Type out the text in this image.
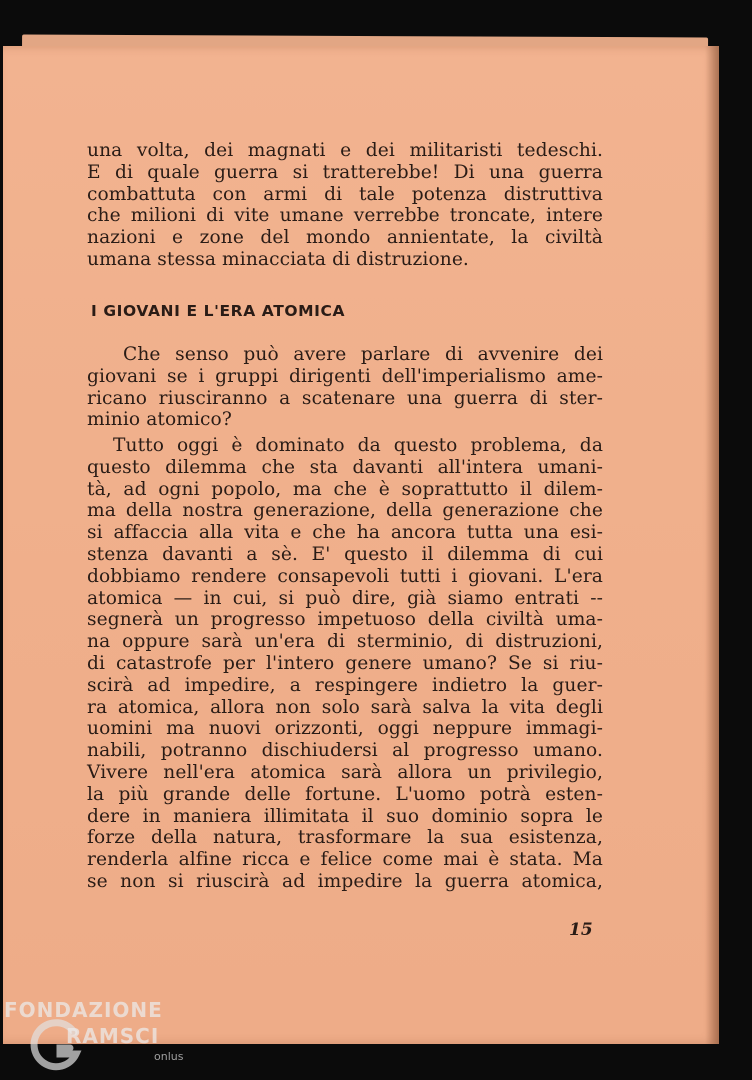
una volta, dei magnati e dei militaristi tedeschi.
E di quale guerra si tratterebbe! Di una guerra
combattuta con armi di tale potenza distruttiva
che milioni di vite umane verrebbe troncate, intere
nazioni e zone del mondo annientate, la civiltà
umana stessa minacciata di distruzione.
I GIOVANI E L'ERA ATOMICA
Che senso può avere parlare di avvenire dei
giovani se i gruppi dirigenti dell'imperialismo ame-
ricano riusciranno a scatenare una guerra di ster-
minio atomico?
Tutto oggi è dominato da questo problema, da
questo dilemma che sta davanti all'intera umani-
tà, ad ogni popolo, ma che è soprattutto il dilem-
ma della nostra generazione, della generazione che
si affaccia alla vita e che ha ancora tutta una esi-
stenza davanti a sè. E' questo il dilemma di cui
dobbiamo rendere consapevoli tutti i giovani. L'era
atomica — in cui, si può dire, già siamo entrati --
segnerà un progresso impetuoso della civiltà uma-
na oppure sarà un'era di sterminio, di distruzioni,
di catastrofe per l'intero genere umano? Se si riu-
scirà ad impedire, a respingere indietro la guer-
ra atomica, allora non solo sarà salva la vita degli
uomini ma nuovi orizzonti, oggi neppure immagi-
nabili, potranno dischiudersi al progresso umano.
Vivere nell'era atomica sarà allora un privilegio,
la più grande delle fortune. L'uomo potrà esten-
dere in maniera illimitata il suo dominio sopra le
forze della natura, trasformare la sua esistenza,
renderla alfine ricca e felice come mai è stata. Ma
se non si riuscirà ad impedire la guerra atomica,
15
FONDAZIONE
RAMSCI
onlus
